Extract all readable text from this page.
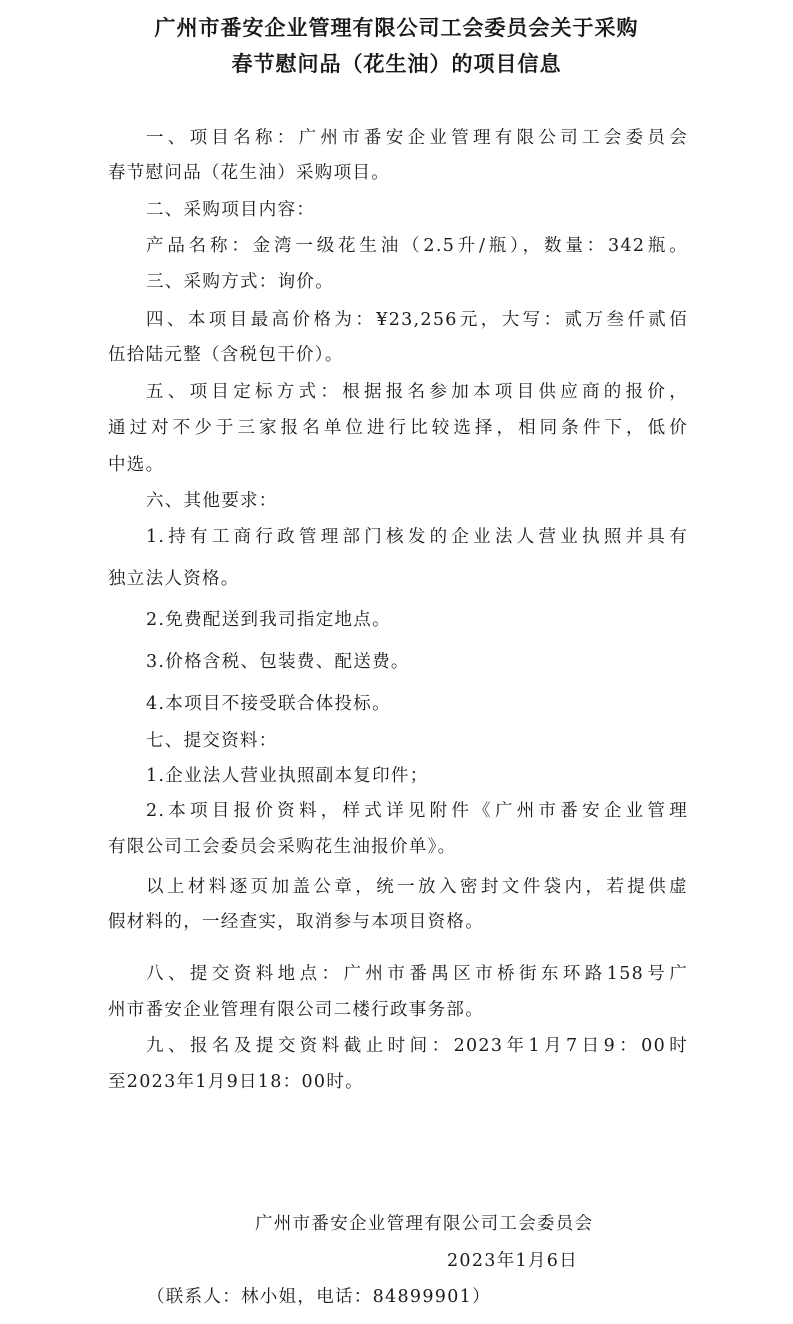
广州市番安企业管理有限公司工会委员会关于采购
春节慰问品（花生油）的项目信息
一、项目名称：广州市番安企业管理有限公司工会委员会
春节慰问品（花生油）采购项目。
二、采购项目内容：
产品名称：金湾一级花生油（2.5升/瓶），数量：342瓶。
三、采购方式：询价。
四、本项目最高价格为：¥23,256元，大写：贰万叁仟贰佰
伍拾陆元整（含税包干价）。
五、项目定标方式：根据报名参加本项目供应商的报价，
通过对不少于三家报名单位进行比较选择，相同条件下，低价
中选。
六、其他要求：
1.持有工商行政管理部门核发的企业法人营业执照并具有
独立法人资格。
2.免费配送到我司指定地点。
3.价格含税、包装费、配送费。
4.本项目不接受联合体投标。
七、提交资料：
1.企业法人营业执照副本复印件；
2.本项目报价资料，样式详见附件《广州市番安企业管理
有限公司工会委员会采购花生油报价单》。
以上材料逐页加盖公章，统一放入密封文件袋内，若提供虚
假材料的，一经查实，取消参与本项目资格。
八、提交资料地点：广州市番禺区市桥街东环路158号广
州市番安企业管理有限公司二楼行政事务部。
九、报名及提交资料截止时间：2023年1月7日9：00时
至2023年1月9日18：00时。
广州市番安企业管理有限公司工会委员会
2023年1月6日
（联系人：林小姐，电话：84899901）
